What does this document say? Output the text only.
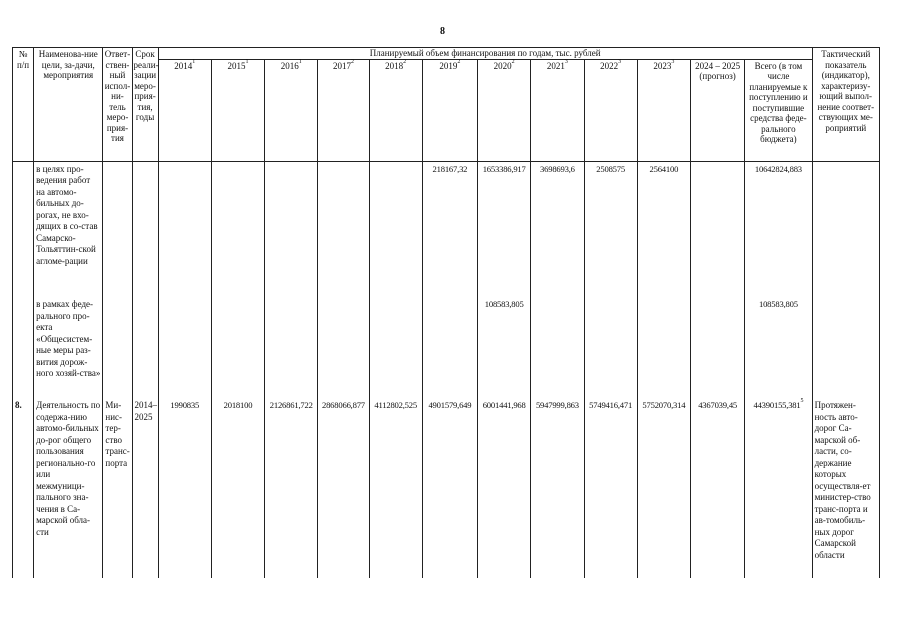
8
№ п/п	Наименова-ние цели, за-дачи, мероприятия	Ответ-ствен-ный испол-ни-тель меро-прия-тия	Срок реали-зации меро-прия-тия, годы	Планируемый объем финансирования по годам, тыс. рублей												Тактический показатель (индикатор), характеризу-ющий выпол-нение соответ-ствующих ме-роприятий
				2014$^1$	2015$^1$	2016$^1$	2017$^2$	2018$^2$	2019$^2$	2020$^2$	2021$^3$	2022$^3$	2023$^3$	2024 – 2025 (прогноз)	Всего (в том числе планируемые к поступлению и поступившие средства феде-рального бюджета)	
	в целях про-ведения работ на автомо-бильных до-рогах, не вхо-дящих в со-став Самарско-Тольяттин-ской агломе-рации								218167,32	1653386,917	3698693,6	2508575	2564100		10642824,883	
	в рамках феде-рального про-екта «Общесистем-ные меры раз-вития дорож-ного хозяй-ства»									108583,805					108583,805	
8.	Деятельность по содержа-нию автомо-бильных до-рог общего пользования регионально-го или межмуници-пального зна-чения в Са-марской обла-сти	Ми-нис-тер-ство транс-порта	2014– 2025	1990835	2018100	2126861,722	2868066,877	4112802,525	4901579,649	6001441,968	5947999,863	5749416,471	5752070,314	4367039,45	44390155,381$^5$	Протяжен-ность авто-дорог Са-марской об-ласти, со-держание которых осуществля-ет министер-ство транс-порта и ав-томобиль-ных дорог Самарской области
